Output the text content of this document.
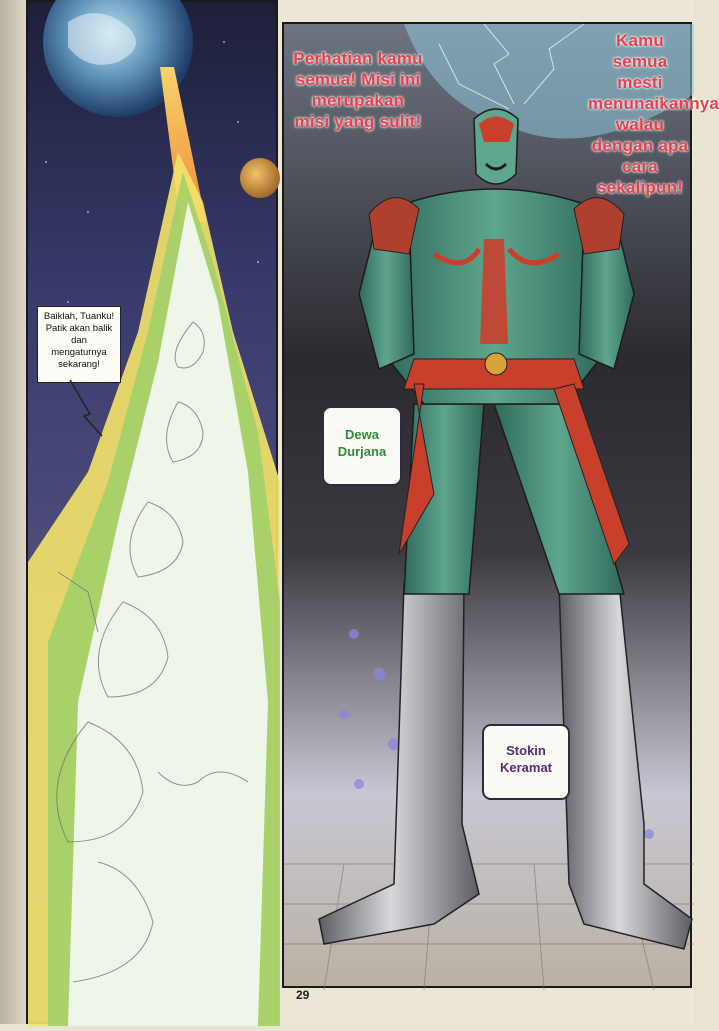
Baiklah, Tuanku! Patik akan balik dan mengaturnya sekarang!
Perhatian kamu semua! Misi ini merupakan misi yang sulit!
Kamu semua mesti menunaikannya walau dengan apa cara sekalipun!
Dewa Durjana
Stokin Keramat
29
